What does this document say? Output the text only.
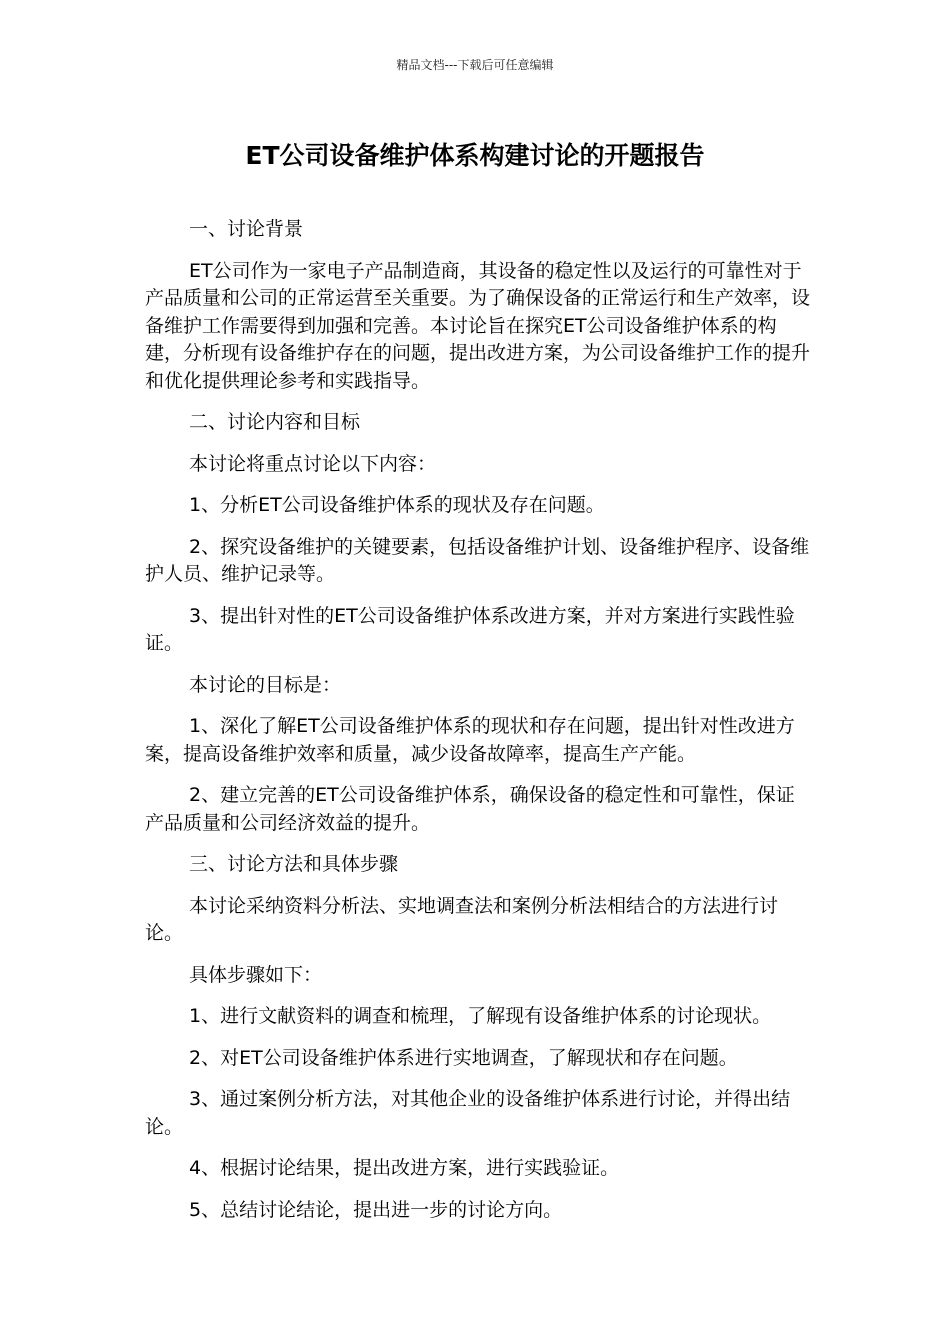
精品文档---下载后可任意编辑
ET公司设备维护体系构建讨论的开题报告

一、讨论背景

ET公司作为一家电子产品制造商，其设备的稳定性以及运行的可靠性对于产品质量和公司的正常运营至关重要。为了确保设备的正常运行和生产效率，设备维护工作需要得到加强和完善。本讨论旨在探究ET公司设备维护体系的构建，分析现有设备维护存在的问题，提出改进方案，为公司设备维护工作的提升和优化提供理论参考和实践指导。

二、讨论内容和目标

本讨论将重点讨论以下内容：

1、分析ET公司设备维护体系的现状及存在问题。

2、探究设备维护的关键要素，包括设备维护计划、设备维护程序、设备维护人员、维护记录等。

3、提出针对性的ET公司设备维护体系改进方案，并对方案进行实践性验证。

本讨论的目标是：

1、深化了解ET公司设备维护体系的现状和存在问题，提出针对性改进方案，提高设备维护效率和质量，减少设备故障率，提高生产产能。

2、建立完善的ET公司设备维护体系，确保设备的稳定性和可靠性，保证产品质量和公司经济效益的提升。

三、讨论方法和具体步骤

本讨论采纳资料分析法、实地调查法和案例分析法相结合的方法进行讨论。

具体步骤如下：

1、进行文献资料的调查和梳理，了解现有设备维护体系的讨论现状。

2、对ET公司设备维护体系进行实地调查，了解现状和存在问题。

3、通过案例分析方法，对其他企业的设备维护体系进行讨论，并得出结论。

4、根据讨论结果，提出改进方案，进行实践验证。

5、总结讨论结论，提出进一步的讨论方向。
